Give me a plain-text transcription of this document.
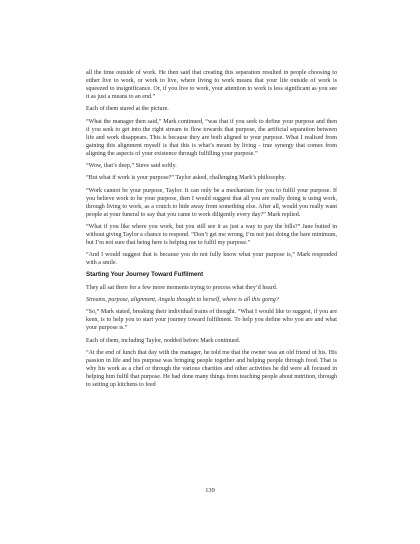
all the time outside of work. He then said that creating this separation resulted in people choosing to either live to work, or work to live, where living to work means that your life outside of work is squeezed to insignificance. Or, if you live to work, your attention to work is less significant as you see it as just a means to an end.”

Each of them stared at the picture.

“What the manager then said,” Mark continued, “was that if you seek to define your purpose and then if you seek to get into the right stream to flow towards that purpose, the artificial separation between life and work disappears. This is because they are both aligned to your purpose. What I realised from gaining this alignment myself is that this is what’s meant by living - true synergy that comes from aligning the aspects of your existence through fulfilling your purpose.”

“Wow, that’s deep,” Steve said softly.

“But what if work is your purpose?” Taylor asked, challenging Mark’s philosophy.

“Work cannot be your purpose, Taylor. It can only be a mechanism for you to fulfil your purpose. If you believe work to be your purpose, then I would suggest that all you are really doing is using work, through living to work, as a crutch to hide away from something else. After all, would you really want people at your funeral to say that you came to work diligently every day?” Mark replied.

“What if you like where you work, but you still see it as just a way to pay the bills?” Jane butted in without giving Taylor a chance to respond. “Don’t get me wrong, I’m not just doing the bare minimum, but I’m not sure that being here is helping me to fulfil my purpose.”

“And I would suggest that is because you do not fully know what your purpose is,” Mark responded with a smile.

Starting Your Journey Toward Fulfilment

They all sat there for a few more moments trying to process what they’d heard.

Streams, purpose, alignment, Angela thought to herself, where is all this going?

“So,” Mark stated, breaking their individual trains of thought. “What I would like to suggest, if you are keen, is to help you to start your journey toward fulfilment. To help you define who you are and what your purpose is.”

Each of them, including Taylor, nodded before Mark continued.

“At the end of lunch that day with the manager, he told me that the owner was an old friend of his. His passion in life and his purpose was bringing people together and helping people through food. That is why his work as a chef or through the various charities and other activities he did were all focused in helping him fulfil that purpose. He had done many things from teaching people about nutrition, through to setting up kitchens to feed

139
